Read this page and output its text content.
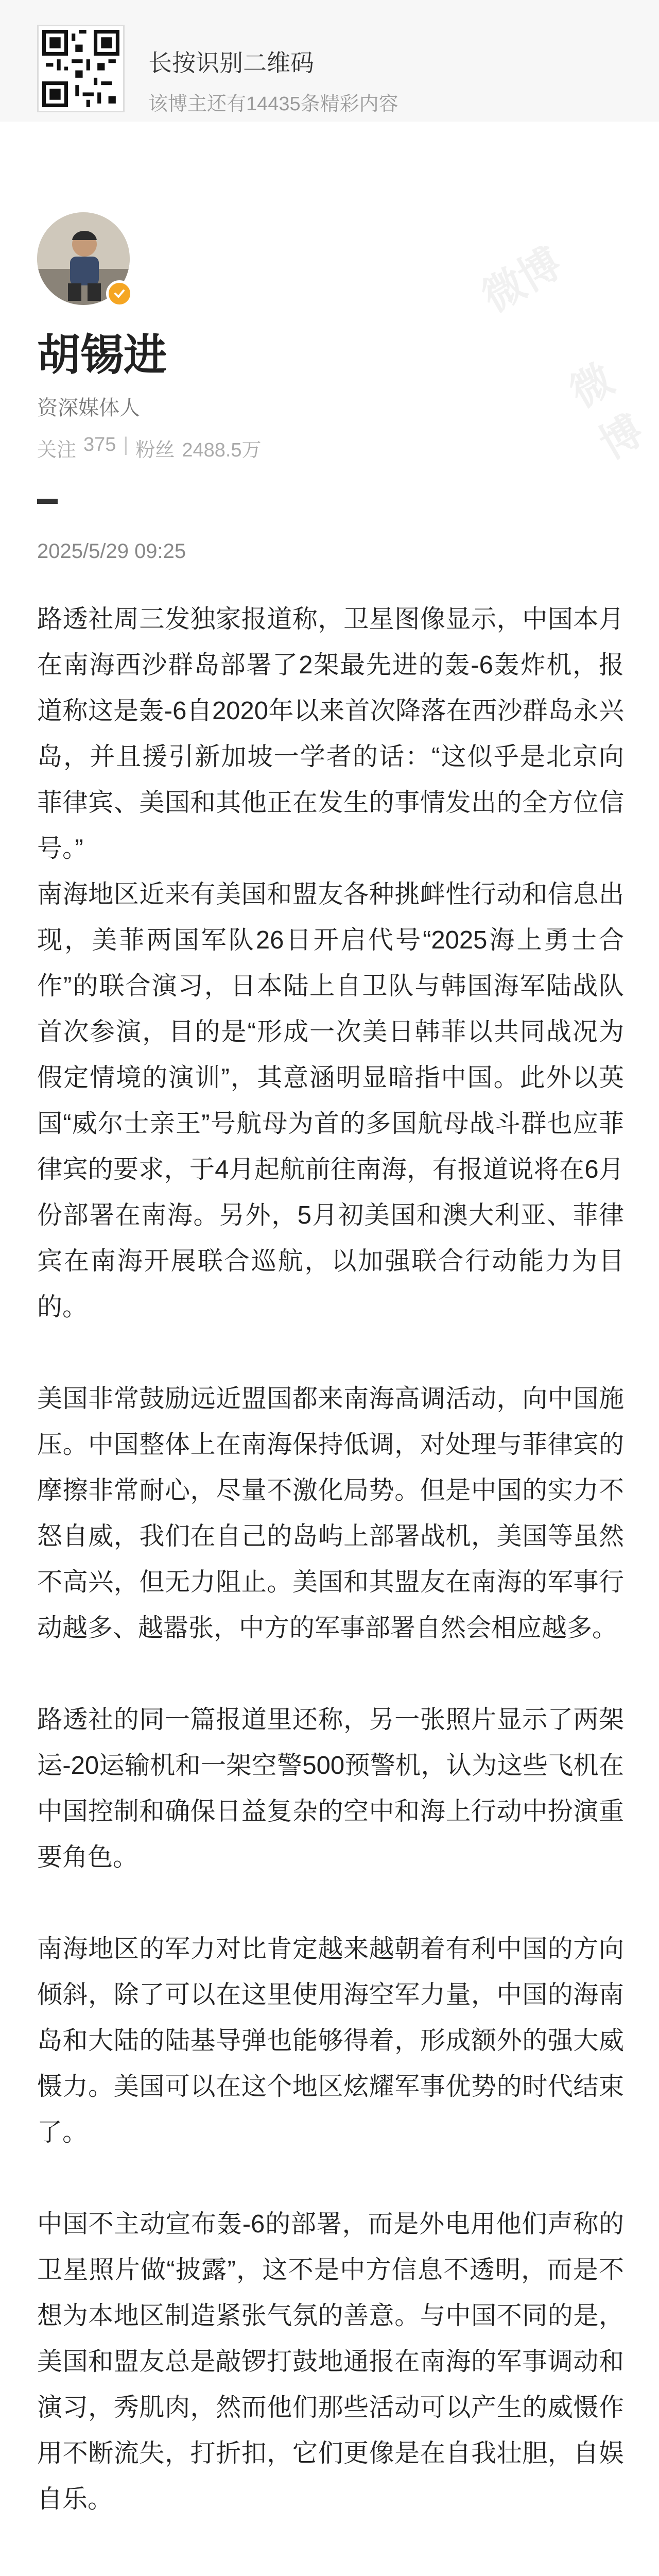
长按识别二维码
该博主还有14435条精彩内容
微博
微博
胡锡进
资深媒体人
关注 375 | 粉丝 2488.5万
2025/5/29 09:25

路透社周三发独家报道称，卫星图像显示，中国本月在南海西沙群岛部署了2架最先进的轰-6轰炸机，报道称这是轰-6自2020年以来首次降落在西沙群岛永兴岛，并且援引新加坡一学者的话：“这似乎是北京向菲律宾、美国和其他正在发生的事情发出的全方位信号。”

南海地区近来有美国和盟友各种挑衅性行动和信息出现，美菲两国军队26日开启代号“2025海上勇士合作”的联合演习，日本陆上自卫队与韩国海军陆战队首次参演，目的是“形成一次美日韩菲以共同战况为假定情境的演训”，其意涵明显暗指中国。此外以英国“威尔士亲王”号航母为首的多国航母战斗群也应菲律宾的要求，于4月起航前往南海，有报道说将在6月份部署在南海。另外，5月初美国和澳大利亚、菲律宾在南海开展联合巡航，以加强联合行动能力为目的。

美国非常鼓励远近盟国都来南海高调活动，向中国施压。中国整体上在南海保持低调，对处理与菲律宾的摩擦非常耐心，尽量不激化局势。但是中国的实力不怒自威，我们在自己的岛屿上部署战机，美国等虽然不高兴，但无力阻止。美国和其盟友在南海的军事行动越多、越嚣张，中方的军事部署自然会相应越多。

路透社的同一篇报道里还称，另一张照片显示了两架运-20运输机和一架空警500预警机，认为这些飞机在中国控制和确保日益复杂的空中和海上行动中扮演重要角色。

南海地区的军力对比肯定越来越朝着有利中国的方向倾斜，除了可以在这里使用海空军力量，中国的海南岛和大陆的陆基导弹也能够得着，形成额外的强大威慑力。美国可以在这个地区炫耀军事优势的时代结束了。

中国不主动宣布轰-6的部署，而是外电用他们声称的卫星照片做“披露”，这不是中方信息不透明，而是不想为本地区制造紧张气氛的善意。与中国不同的是，美国和盟友总是敲锣打鼓地通报在南海的军事调动和演习，秀肌肉，然而他们那些活动可以产生的威慑作用不断流失，打折扣，它们更像是在自我壮胆，自娱自乐。
